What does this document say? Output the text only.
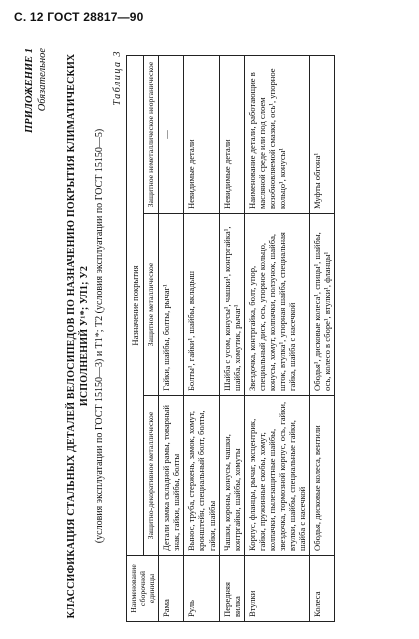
С. 12 ГОСТ 28817—90
ПРИЛОЖЕНИЕ 1 Обязательное КЛАССИФИКАЦИЯ СТАЛЬНЫХ ДЕТАЛЕЙ ВЕЛОСИПЕДОВ ПО НАЗНАЧЕНИЮ ПОКРЫТИЯ КЛИМАТИЧЕСКИХ ИСПОЛНЕНИЙ У¹*; УЛ1; У2 (условия эксплуатации по ГОСТ 15150—3) и Т1*; Т2 (условия эксплуатации по ГОСТ 15150—5)
Таблица 3
Наименование сборочной единицы	Назначение покрытия		
	Защитно-декоративное металлическое	Защитное металлическое	Защитное неметаллическое неорганическое
Рама	Детали замка складной рамы, товарный знак, гайки, шайбы, болты	Гайки, шайбы, болты, рычаг¹	—
Руль	Вынос, труба, стержень, замок, хомут, кронштейн, специальный болт, болты, гайки, шайбы	Болты¹, гайки¹, шайбы, вкладыш	Невидимые детали
Передняя вилка	Чашки, короны, конусы, чашки, контргайки, шайбы, хомуты	Шайба с усом, конусы¹, чашки¹, контргайка¹, шайба, хомутик, рычаг¹	Невидимые детали
Втулки	Корпус, фланцы, рычаг, эксцентрик, гайки, пружинные скобы, хомут, колпачки, пылезащитные шайбы, звездочка, тормозной корпус, ось, гайки, втулки, шайбы, специальные гайки, шайба с насечкой	Звездочка, контргайка, болт, упор, специальный диск, ось, упорное кольцо, конусы, хомут, колпачки, ползунок, шайба, шток, втулка¹, упорная шайба, специальная гайка, шайба с насечкой	Наименование детали, работающие в масляной среде или под слоем возобновляемой смазки, ось¹, упорное кольцо¹, конусы¹
Колеса	Ободья, дисковые колеса, вентили	Ободья¹, дисковые колеса¹, спицы¹, шайбы, ось, колесо в сборе¹, втулки¹, фланцы¹	Муфты обгона¹
